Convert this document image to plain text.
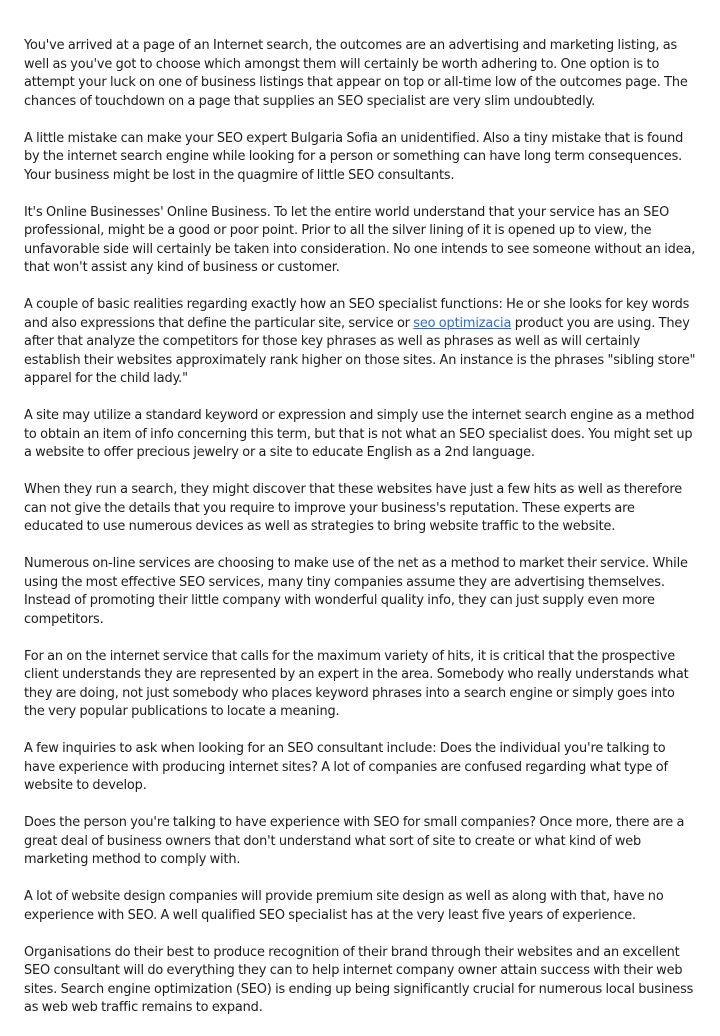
You've arrived at a page of an Internet search, the outcomes are an advertising and marketing listing, as well as you've got to choose which amongst them will certainly be worth adhering to. One option is to attempt your luck on one of business listings that appear on top or all-time low of the outcomes page. The chances of touchdown on a page that supplies an SEO specialist are very slim undoubtedly.

A little mistake can make your SEO expert Bulgaria Sofia an unidentified. Also a tiny mistake that is found by the internet search engine while looking for a person or something can have long term consequences. Your business might be lost in the quagmire of little SEO consultants.

It's Online Businesses' Online Business. To let the entire world understand that your service has an SEO professional, might be a good or poor point. Prior to all the silver lining of it is opened up to view, the unfavorable side will certainly be taken into consideration. No one intends to see someone without an idea, that won't assist any kind of business or customer.

A couple of basic realities regarding exactly how an SEO specialist functions: He or she looks for key words and also expressions that define the particular site, service or seo optimizacia product you are using. They after that analyze the competitors for those key phrases as well as phrases as well as will certainly establish their websites approximately rank higher on those sites. An instance is the phrases "sibling store" apparel for the child lady."

A site may utilize a standard keyword or expression and simply use the internet search engine as a method to obtain an item of info concerning this term, but that is not what an SEO specialist does. You might set up a website to offer precious jewelry or a site to educate English as a 2nd language.

When they run a search, they might discover that these websites have just a few hits as well as therefore can not give the details that you require to improve your business's reputation. These experts are educated to use numerous devices as well as strategies to bring website traffic to the website.

Numerous on-line services are choosing to make use of the net as a method to market their service. While using the most effective SEO services, many tiny companies assume they are advertising themselves. Instead of promoting their little company with wonderful quality info, they can just supply even more competitors.

For an on the internet service that calls for the maximum variety of hits, it is critical that the prospective client understands they are represented by an expert in the area. Somebody who really understands what they are doing, not just somebody who places keyword phrases into a search engine or simply goes into the very popular publications to locate a meaning.

A few inquiries to ask when looking for an SEO consultant include: Does the individual you're talking to have experience with producing internet sites? A lot of companies are confused regarding what type of website to develop.

Does the person you're talking to have experience with SEO for small companies? Once more, there are a great deal of business owners that don't understand what sort of site to create or what kind of web marketing method to comply with.

A lot of website design companies will provide premium site design as well as along with that, have no experience with SEO. A well qualified SEO specialist has at the very least five years of experience.

Organisations do their best to produce recognition of their brand through their websites and an excellent SEO consultant will do everything they can to help internet company owner attain success with their web sites. Search engine optimization (SEO) is ending up being significantly crucial for numerous local business as web web traffic remains to expand.
